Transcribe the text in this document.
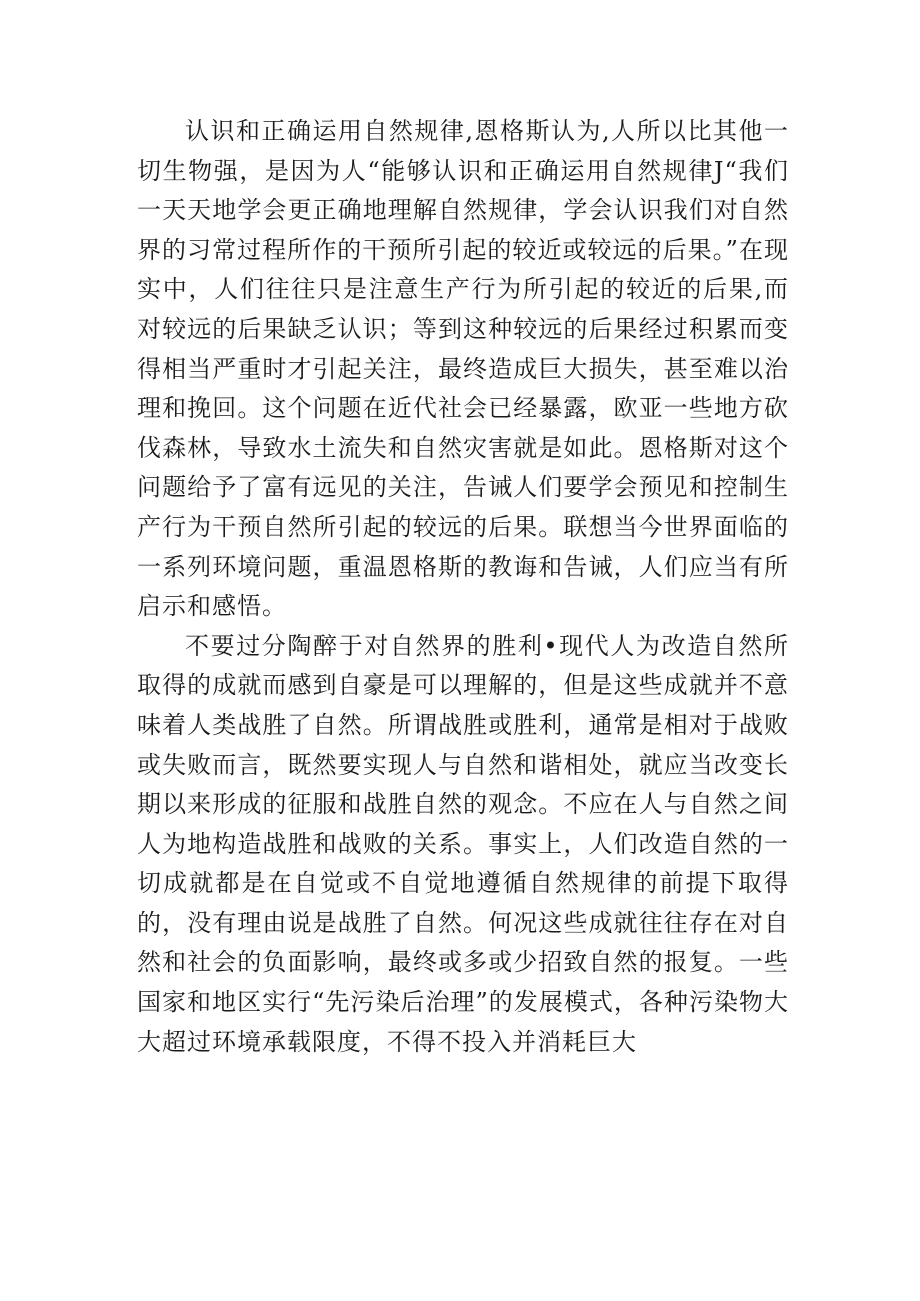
认识和正确运用自然规律,恩格斯认为,人所以比其他一切生物强，是因为人“能够认识和正确运用自然规律J“我们一天天地学会更正确地理解自然规律，学会认识我们对自然界的习常过程所作的干预所引起的较近或较远的后果。”在现实中，人们往往只是注意生产行为所引起的较近的后果,而对较远的后果缺乏认识；等到这种较远的后果经过积累而变得相当严重时才引起关注，最终造成巨大损失，甚至难以治理和挽回。这个问题在近代社会已经暴露，欧亚一些地方砍伐森林，导致水土流失和自然灾害就是如此。恩格斯对这个问题给予了富有远见的关注，告诫人们要学会预见和控制生产行为干预自然所引起的较远的后果。联想当今世界面临的一系列环境问题，重温恩格斯的教诲和告诫，人们应当有所启示和感悟。

不要过分陶醉于对自然界的胜利•现代人为改造自然所取得的成就而感到自豪是可以理解的，但是这些成就并不意味着人类战胜了自然。所谓战胜或胜利，通常是相对于战败或失败而言，既然要实现人与自然和谐相处，就应当改变长期以来形成的征服和战胜自然的观念。不应在人与自然之间人为地构造战胜和战败的关系。事实上，人们改造自然的一切成就都是在自觉或不自觉地遵循自然规律的前提下取得的，没有理由说是战胜了自然。何况这些成就往往存在对自然和社会的负面影响，最终或多或少招致自然的报复。一些国家和地区实行“先污染后治理”的发展模式，各种污染物大大超过环境承载限度，不得不投入并消耗巨大
